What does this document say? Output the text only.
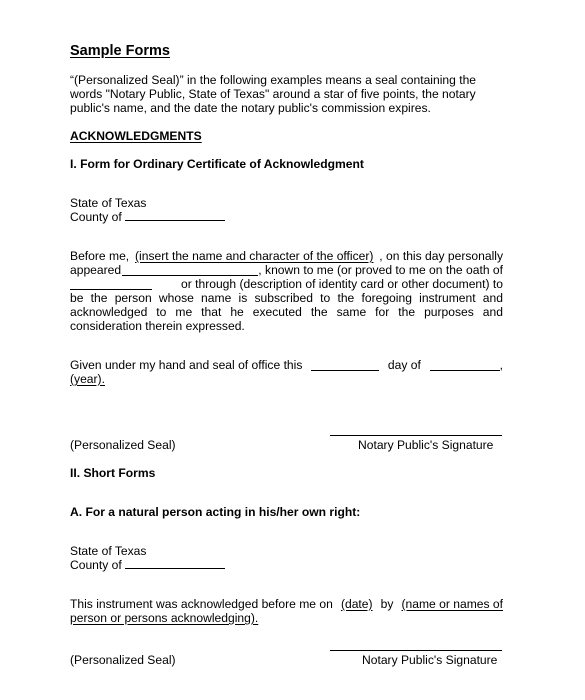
Sample Forms
“(Personalized Seal)” in the following examples means a seal containing the
words "Notary Public, State of Texas" around a star of five points, the notary
public's name, and the date the notary public's commission expires.
ACKNOWLEDGMENTS
I. Form for Ordinary Certificate of Acknowledgment
State of Texas
County of
Before me, (insert the name and character of the officer) , on this day personally
appeared	, known to me (or proved to me on the oath of
or through (description of identity card or other document) to
be the person whose name is subscribed to the foregoing instrument and
acknowledged to me that he executed the same for the purposes and
consideration therein expressed.
Given under my hand and seal of office this	day of	,
(year).
(Personalized Seal)	Notary Public's Signature
II. Short Forms
A. For a natural person acting in his/her own right:
State of Texas
County of
This instrument was acknowledged before me on (date) by (name or names of
person or persons acknowledging).
(Personalized Seal)	Notary Public's Signature
